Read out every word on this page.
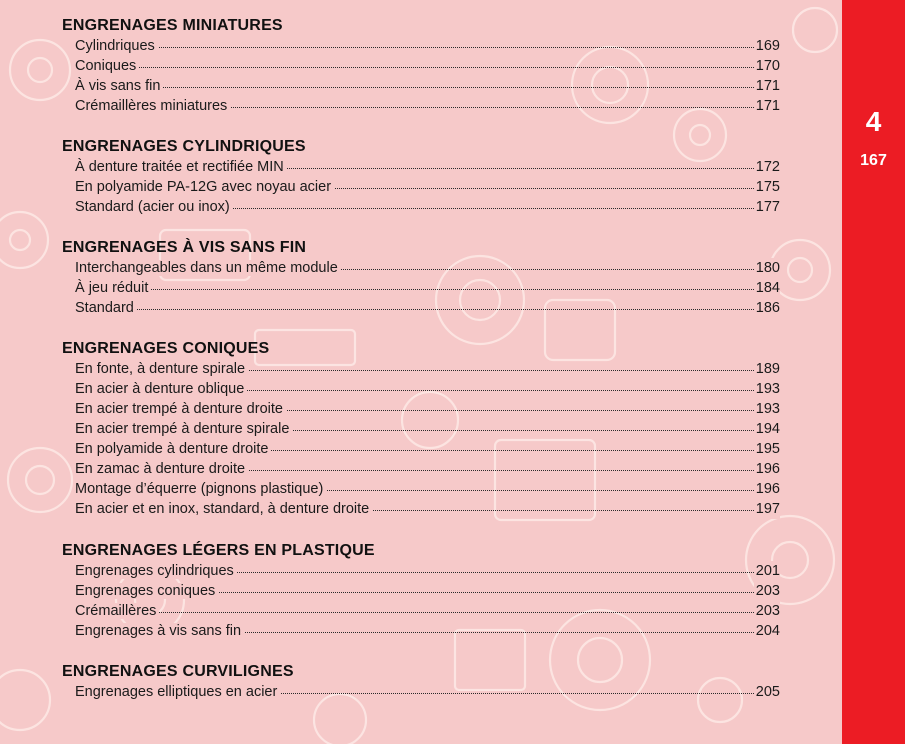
ENGRENAGES MINIATURES
Cylindriques	169
Coniques	170
À vis sans fin	171
Crémaillères miniatures	171
ENGRENAGES CYLINDRIQUES
À denture traitée et rectifiée MIN	172
En polyamide PA-12G avec noyau acier	175
Standard (acier ou inox)	177
ENGRENAGES À VIS SANS FIN
Interchangeables dans un même module	180
À jeu réduit	184
Standard	186
ENGRENAGES CONIQUES
En fonte, à denture spirale	189
En acier à denture oblique	193
En acier trempé à denture droite	193
En acier trempé à denture spirale	194
En polyamide à denture droite	195
En zamac à denture droite	196
Montage d’équerre (pignons plastique)	196
En acier et en inox, standard, à denture droite	197
ENGRENAGES LÉGERS EN PLASTIQUE
Engrenages cylindriques	201
Engrenages coniques	203
Crémaillères	203
Engrenages à vis sans fin	204
ENGRENAGES CURVILIGNES
Engrenages elliptiques en acier	205
4
167
